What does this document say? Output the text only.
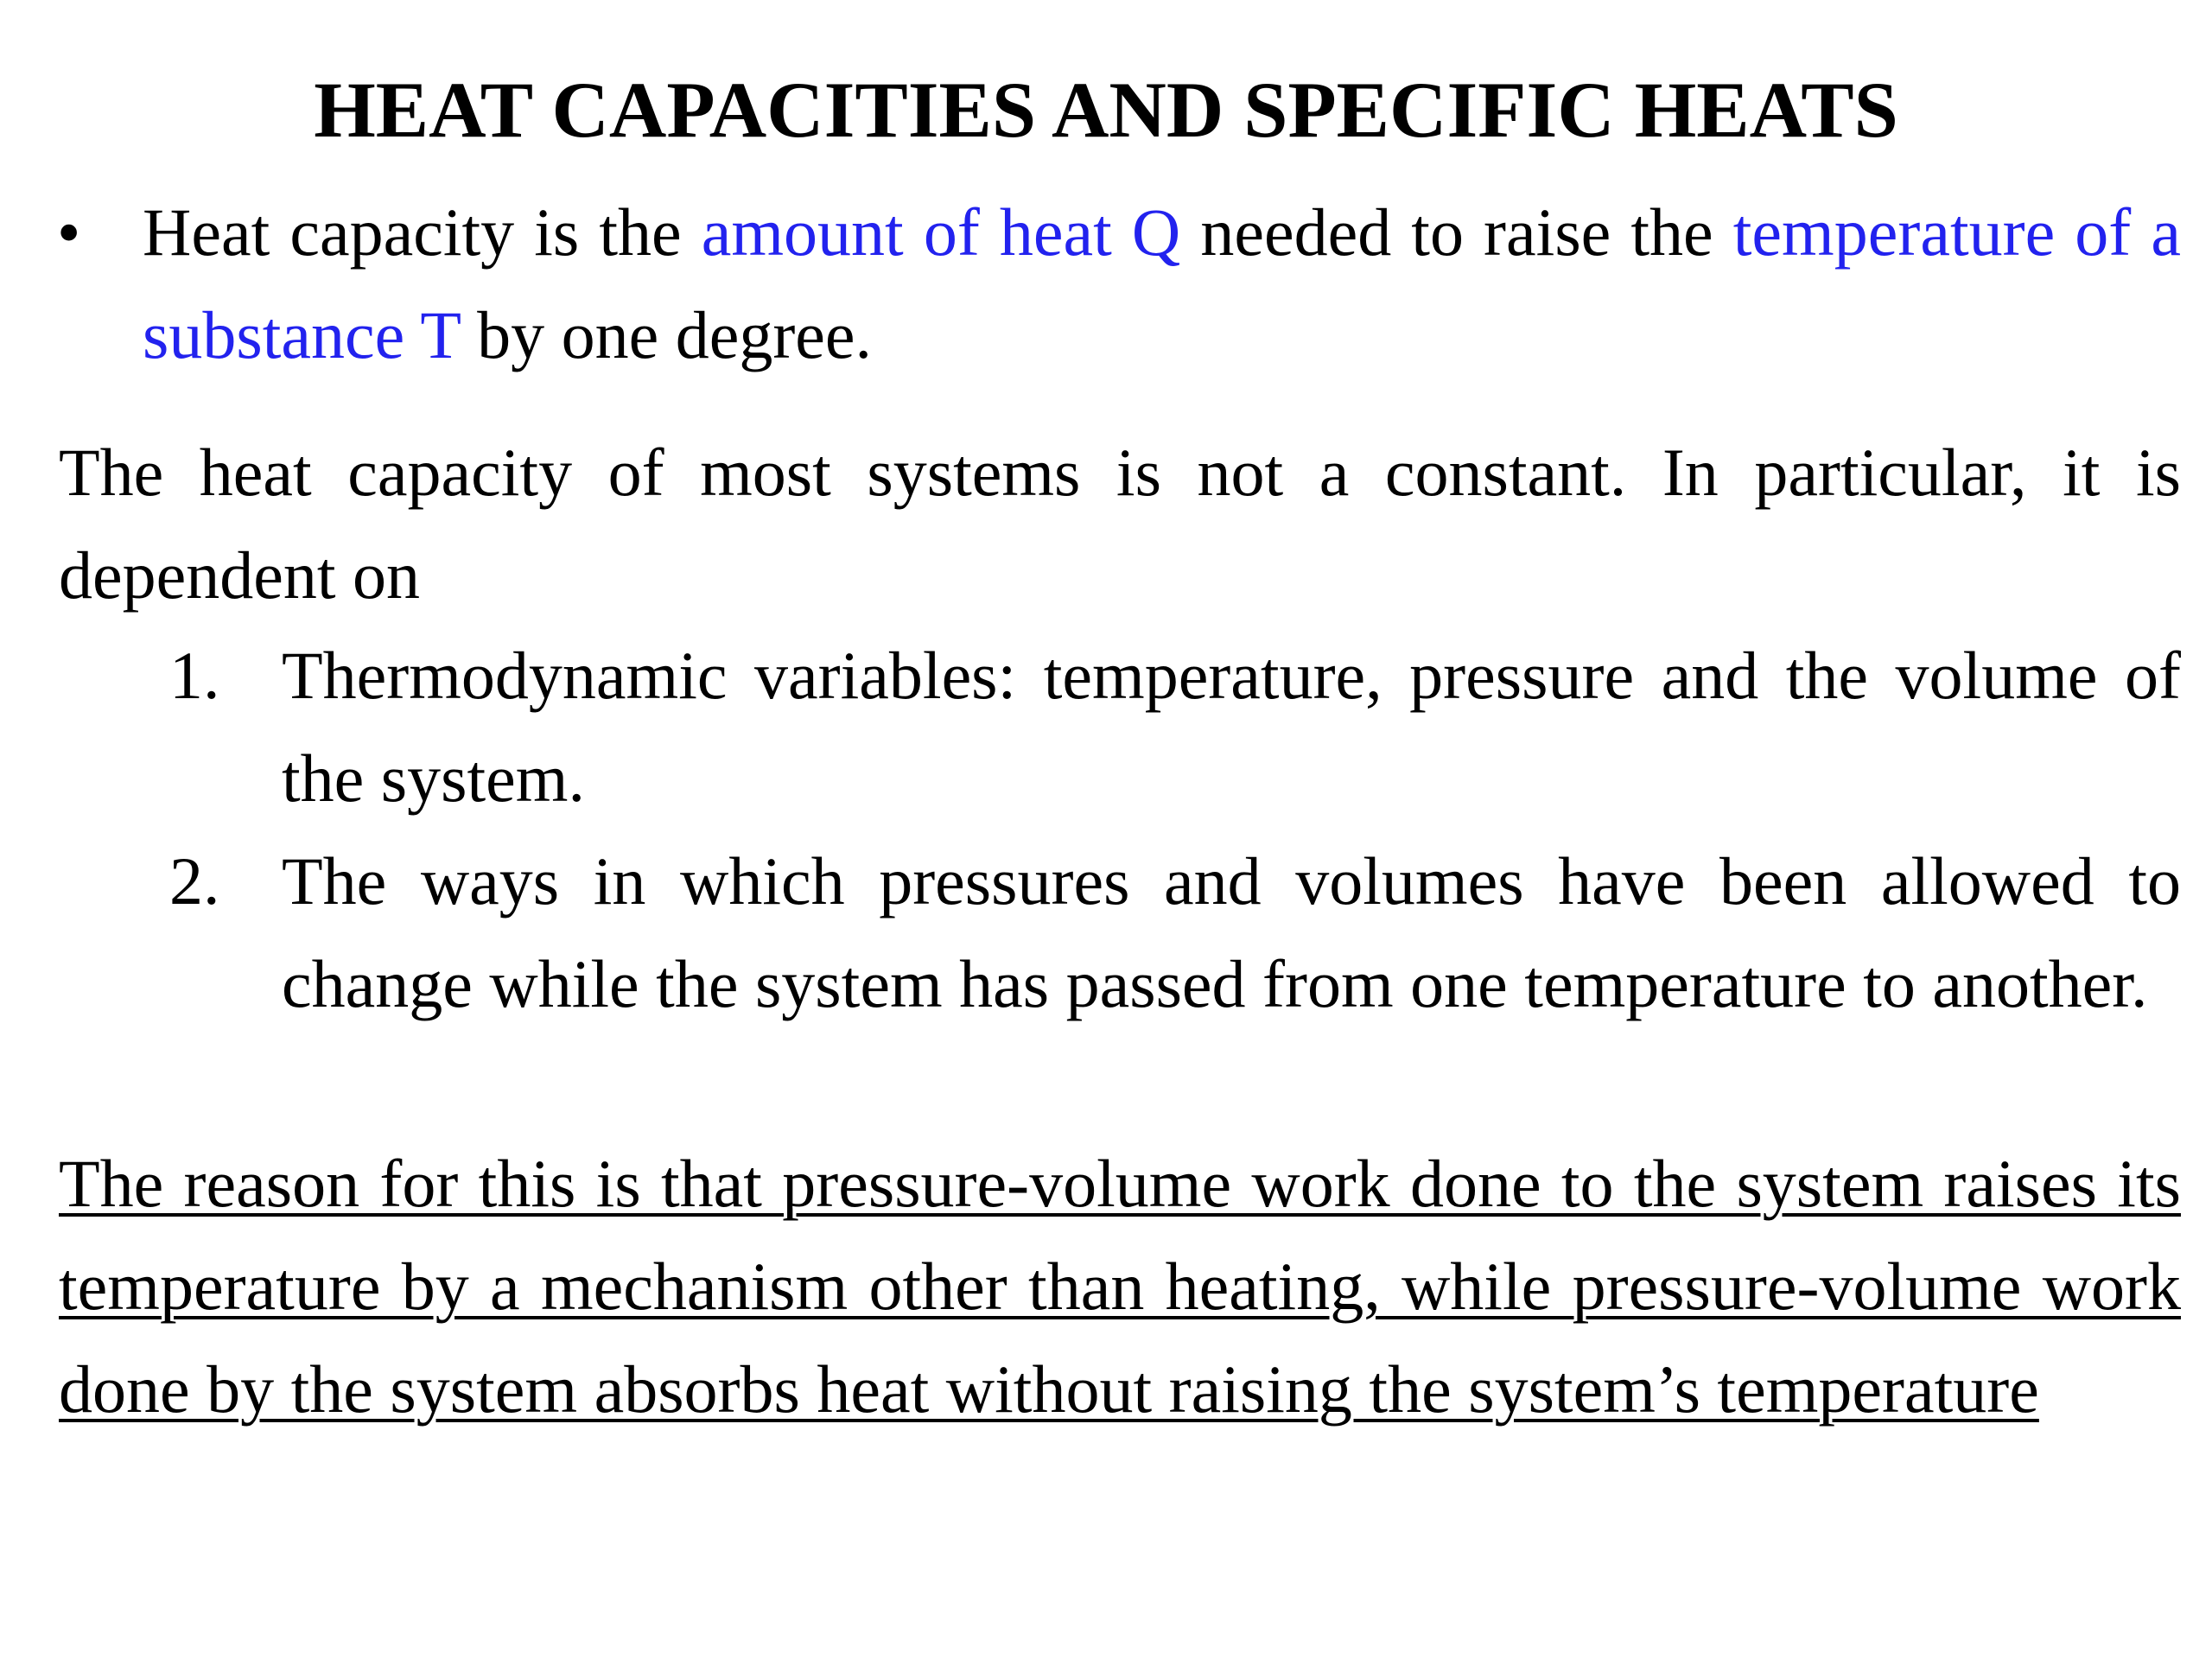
HEAT CAPACITIES AND SPECIFIC HEATS
• Heat capacity is the amount of heat Q needed to raise the temperature of a substance T by one degree.

The heat capacity of most systems is not a constant. In particular, it is dependent on

1. Thermodynamic variables: temperature, pressure and the volume of the system.

2. The ways in which pressures and volumes have been allowed to change while the system has passed from one temperature to another.

The reason for this is that pressure-volume work done to the system raises its temperature by a mechanism other than heating, while pressure-volume work done by the system absorbs heat without raising the system’s temperature
